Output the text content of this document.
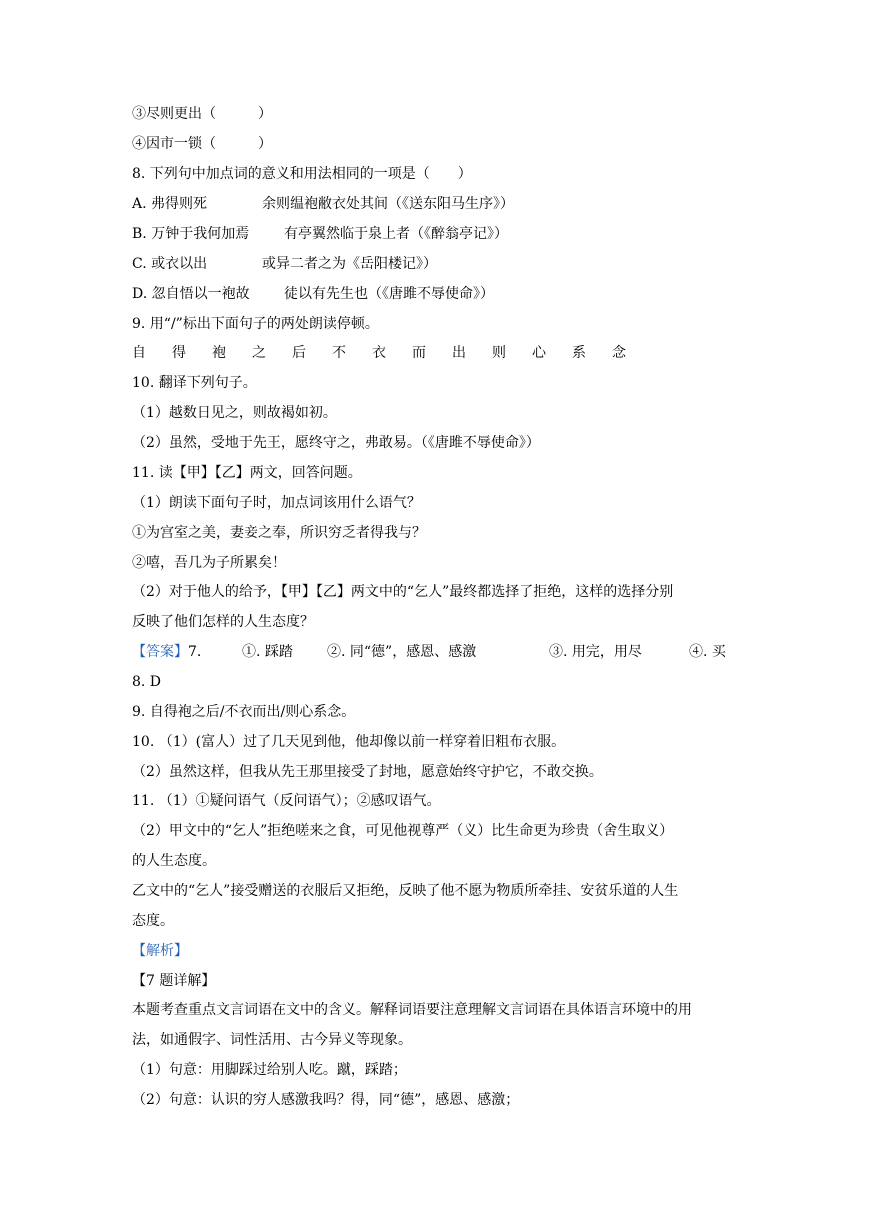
③尽则更出（　　　）
④因市一锁（　　　）
8. 下列句中加点词的意义和用法相同的一项是（　　）
A. 弗得则死	余则缊袍敝衣处其间（《送东阳马生序》）
B. 万钟于我何加焉 有亭翼然临于泉上者（《醉翁亭记》）
C. 或衣以出	或异二者之为《岳阳楼记》）
D. 忽自悟以一袍故 徒以有先生也（《唐雎不辱使命》）
9. 用“/”标出下面句子的两处朗读停顿。
自 得 袍 之 后 不 衣 而 出 则 心 系 念
10. 翻译下列句子。
（1）越数日见之，则故褐如初。
（2）虽然，受地于先王，愿终守之，弗敢易。（《唐雎不辱使命》）
11. 读【甲】【乙】两文，回答问题。
（1）朗读下面句子时，加点词该用什么语气？
①为宫室之美，妻妾之奉，所识穷乏者得我与？
②嘻，吾几为子所累矣！
（2）对于他人的给予，【甲】【乙】两文中的“乞人”最终都选择了拒绝，这样的选择分别
反映了他们怎样的人生态度？
【答案】7.	①. 踩踏 ②. 同“德”，感恩、感激	③. 用完，用尽	④. 买
8. D
9. 自得袍之后/不衣而出/则心系念。
10. （1）(富人）过了几天见到他，他却像以前一样穿着旧粗布衣服。
（2）虽然这样，但我从先王那里接受了封地，愿意始终守护它，不敢交换。
11. （1）①疑问语气（反问语气）；②感叹语气。
（2）甲文中的“乞人”拒绝嗟来之食，可见他视尊严（义）比生命更为珍贵（舍生取义）
的人生态度。
乙文中的“乞人”接受赠送的衣服后又拒绝，反映了他不愿为物质所牵挂、安贫乐道的人生
态度。
【解析】
【7 题详解】
本题考查重点文言词语在文中的含义。解释词语要注意理解文言词语在具体语言环境中的用
法，如通假字、词性活用、古今异义等现象。
（1）句意：用脚踩过给别人吃。蹴，踩踏；
（2）句意：认识的穷人感激我吗？得，同“德”，感恩、感激；
